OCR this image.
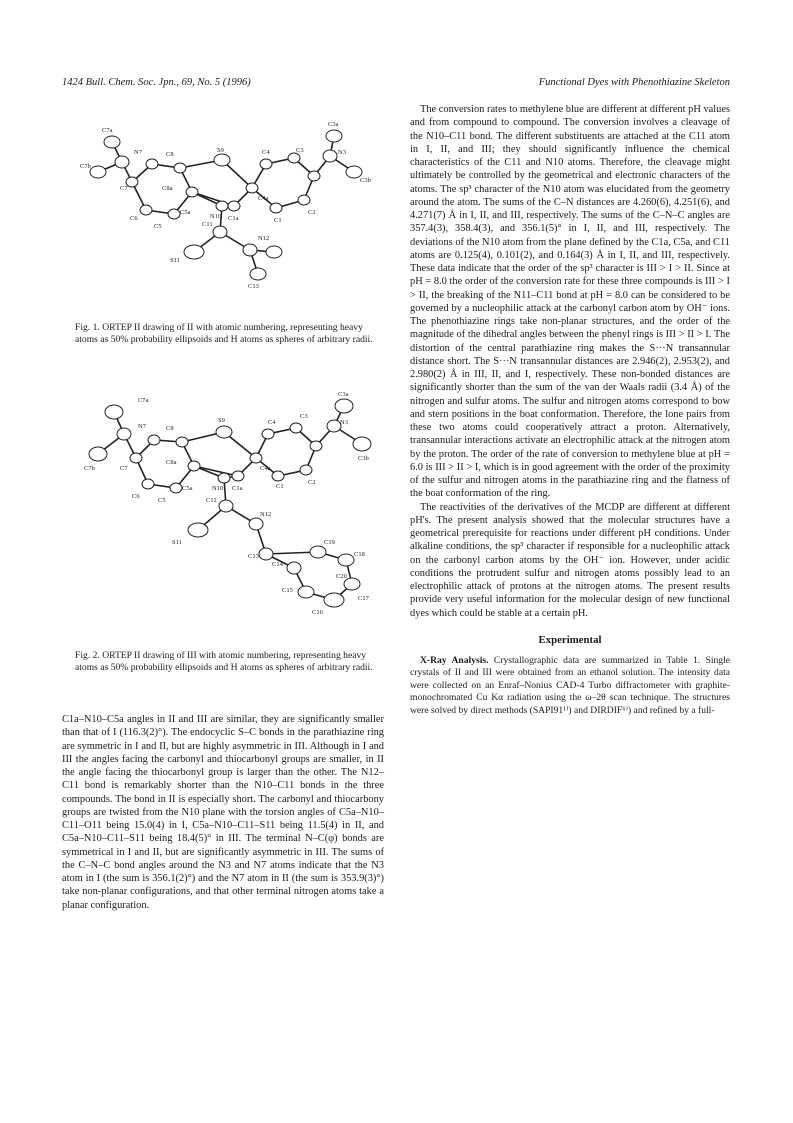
1424 Bull. Chem. Soc. Jpn., 69, No. 5 (1996)	Functional Dyes with Phenothiazine Skeleton
C7a
N7
C7b
C7
C6
C5
C8
C8a
C5a
S9
N10
C4
C4a
C1a
C3	N3
C3a
C3b
C1
C2
C11
S11
N12
C13
Fig. 1. ORTEP II drawing of II with atomic numbering, representing heavy atoms as 50% probability ellipsoids and H atoms as spheres of arbitrary radii.
C7a
N7
C7b	C7
C6
C5
C8
C8a
C5a
S9
N10
C4
C4a
C1a
C3
N3
C3a
C3b
C1
C2
C11
S11
N12
C13
C14
C15
C16
C17
C18
C19
C20
Fig. 2. ORTEP II drawing of III with atomic numbering, representing heavy atoms as 50% probability ellipsoids and H atoms as spheres of arbitrary radii.

C1a–N10–C5a angles in II and III are similar, they are significantly smaller than that of I (116.3(2)°). The endocyclic S–C bonds in the parathiazine ring are symmetric in I and II, but are highly asymmetric in III. Although in I and III the angles facing the carbonyl and thiocarbonyl groups are smaller, in II the angle facing the thiocarbonyl group is larger than the other. The N12–C11 bond is remarkably shorter than the N10–C11 bonds in the three compounds. The bond in II is especially short. The carbonyl and thiocarbony groups are twisted from the N10 plane with the torsion angles of C5a–N10–C11–O11 being 15.0(4) in I, C5a–N10–C11–S11 being 11.5(4) in II, and C5a–N10–C11–S11 being 18.4(5)° in III. The terminal N–C(φ) bonds are symmetrical in I and II, but are significantly asymmetric in III. The sums of the C–N–C bond angles around the N3 and N7 atoms indicate that the N3 atom in I (the sum is 356.1(2)°) and the N7 atom in II (the sum is 353.9(3)°) take non-planar configurations, and that other terminal nitrogen atoms take a planar configuration.

The conversion rates to methylene blue are different at different pH values and from compound to compound. The conversion involves a cleavage of the N10–C11 bond. The different substituents are attached at the C11 atom in I, II, and III; they should significantly influence the chemical characteristics of the C11 and N10 atoms. Therefore, the cleavage might ultimately be controlled by the geometrical and electronic characters of the atoms. The sp³ character of the N10 atom was elucidated from the geometry around the atom. The sums of the C–N distances are 4.260(6), 4.251(6), and 4.271(7) Å in I, II, and III, respectively. The sums of the C–N–C angles are 357.4(3), 358.4(3), and 356.1(5)° in I, II, and III, respectively. The deviations of the N10 atom from the plane defined by the C1a, C5a, and C11 atoms are 0.125(4), 0.101(2), and 0.164(3) Å in I, II, and III, respectively. These data indicate that the order of the sp³ character is III > I > II. Since at pH = 8.0 the order of the conversion rate for these three compounds is III > I > II, the breaking of the N11–C11 bond at pH = 8.0 can be considered to be governed by a nucleophilic attack at the carbonyl carbon atom by OH⁻ ions. The phenothiazine rings take non-planar structures, and the order of the magnitude of the dihedral angles between the phenyl rings is III > II > I. The distortion of the central parathiazine ring makes the S···N transannular distance short. The S···N transannular distances are 2.946(2), 2.953(2), and 2.980(2) Å in III, II, and I, respectively. These non-bonded distances are significantly shorter than the sum of the van der Waals radii (3.4 Å) of the nitrogen and sulfur atoms. The sulfur and nitrogen atoms correspond to bow and stern positions in the boat conformation. Therefore, the lone pairs from these two atoms could cooperatively attract a proton. Alternatively, transannular interactions activate an electrophilic attack at the nitrogen atom by the proton. The order of the rate of conversion to methylene blue at pH = 6.0 is III > II > I, which is in good agreement with the order of the proximity of the sulfur and nitrogen atoms in the parathiazine ring and the flatness of the boat conformation of the ring.

The reactivities of the derivatives of the MCDP are different at different pH's. The present analysis showed that the molecular structures have a geometrical prerequisite for reactions under different pH conditions. Under alkaline conditions, the sp³ character if responsible for a nucleophilic attack on the carbonyl carbon atoms by the OH⁻ ion. However, under acidic conditions the protrudent sulfur and nitrogen atoms possibly lead to an electrophilic attack of protons at the nitrogen atoms. The present results provide very useful information for the molecular design of new functional dyes which could be stable at a certain pH.

Experimental

X-Ray Analysis. Crystallographic data are summarized in Table 1. Single crystals of II and III were obtained from an ethanol solution. The intensity data were collected on an Enraf–Nonius CAD-4 Turbo diffractometer with graphite-monochromated Cu Kα radiation using the ω–2θ scan technique. The structures were solved by direct methods (SAPI91¹⁾) and DIRDIF⁶⁾) and refined by a full-
